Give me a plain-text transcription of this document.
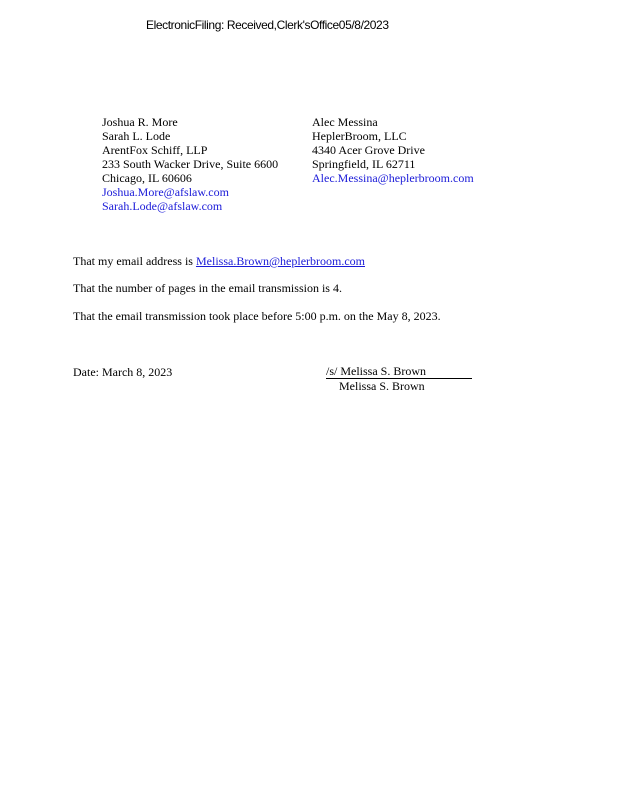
ElectronicFiling: Received,Clerk'sOffice05/8/2023
Joshua R. More
Sarah L. Lode
ArentFox Schiff, LLP
233 South Wacker Drive, Suite 6600
Chicago, IL 60606
Joshua.More@afslaw.com
Sarah.Lode@afslaw.com
Alec Messina
HeplerBroom, LLC
4340 Acer Grove Drive
Springfield, IL 62711
Alec.Messina@heplerbroom.com
That my email address is Melissa.Brown@heplerbroom.com
That the number of pages in the email transmission is 4.
That the email transmission took place before 5:00 p.m. on the May 8, 2023.
Date: March 8, 2023	/s/ Melissa S. Brown
Melissa S. Brown
